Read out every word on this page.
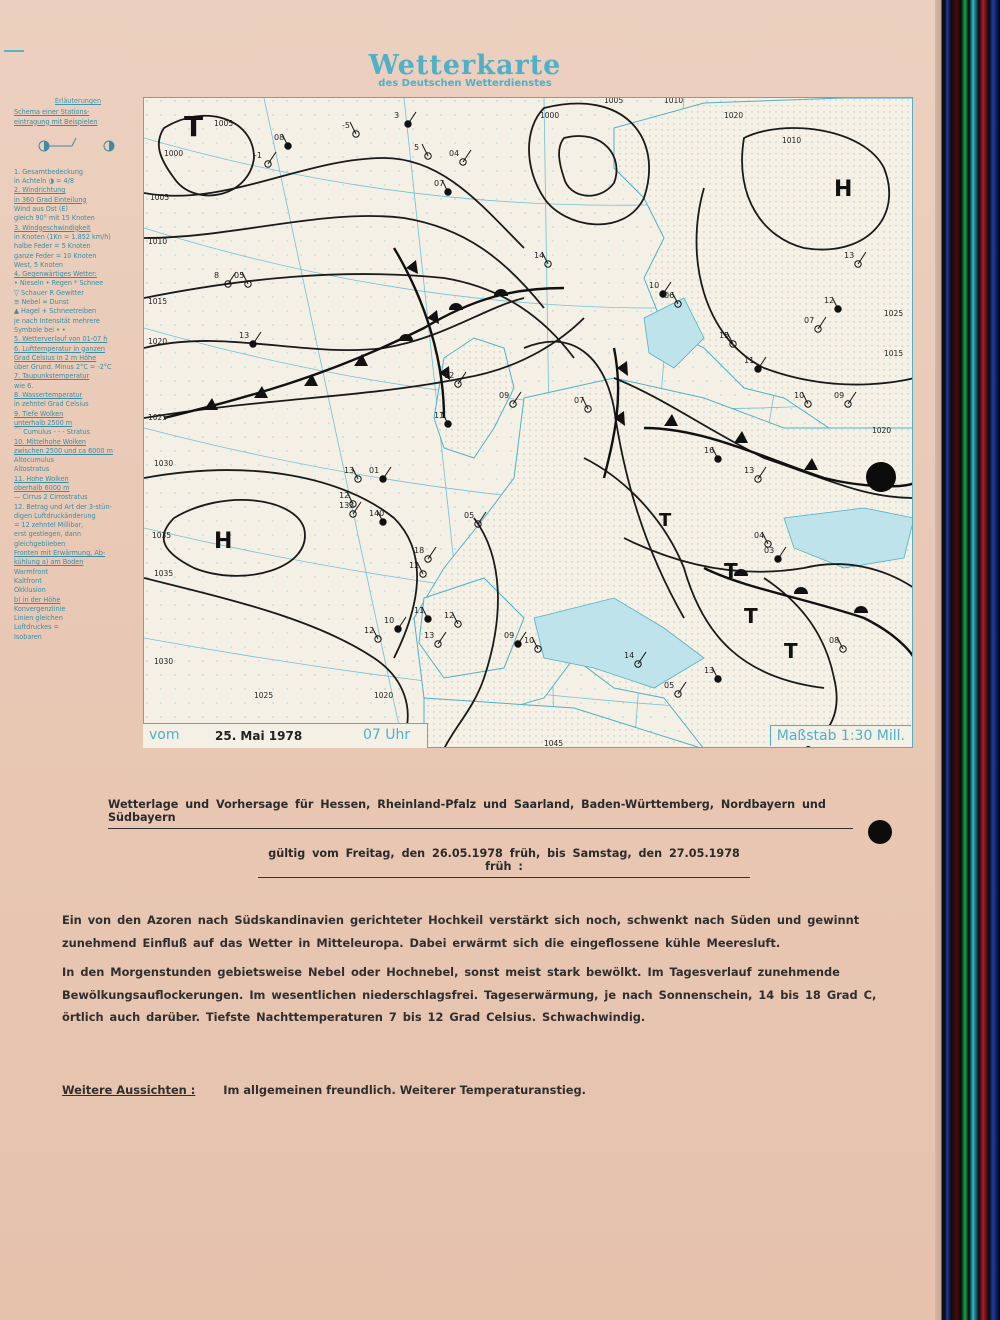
Wetterkarte
des Deutschen Wetterdienstes
Erläuterungen
Schema einer Stations-
eintragung mit Beispielen
1. Gesamtbedeckung
in Achteln ◑ = 4/8
2. Windrichtung
in 360 Grad Einteilung
Wind aus Ost (E)
gleich 90° mit 15 Knoten
3. Windgeschwindigkeit
in Knoten (1Kn = 1.852 km/h)
halbe Feder = 5 Knoten
ganze Feder = 10 Knoten
West, 5 Knoten
4. Gegenwärtiges Wetter:
• Nieseln • Regen * Schnee
▽ Schauer R Gewitter
≡ Nebel ∞ Dunst
▲ Hagel + Schneetreiben
je nach Intensität mehrere
Symbole bei • •
5. Wetterverlauf von 01-07 h
6. Lufttemperatur in ganzen
Grad Celsius in 2 m Höhe
über Grund. Minus 2°C = -2°C
7. Taupunkstemperatur
wie 6.
8. Wassertemperatur
in zehntel Grad Celsius
9. Tiefe Wolken
unterhalb 2500 m
⌒ Cumulus - - - Stratus
10. Mittelhohe Wolken
zwischen 2500 und ca 6000 m
Altocumulus
Altostratus
11. Hohe Wolken
oberhalb 6000 m
— Cirrus 2 Cirrostratus
12. Betrag und Art der 3-stün-
digen Luftdruckänderung
= 12 zehntel Millibar,
erst gestiegen, dann
gleichgeblieben
Fronten mit Erwärmung, Ab-
kühlung a) am Boden
Warmfront
Kaltfront
Okklusion
b) in der Höhe
Konvergenzlinie
Linien gleichen
Luftdruckes =
Isobaren
1005
1000
1005
1010
1015
1020
1025
1030
1035
1035
1030
1025	1020
1025
1015
1020
1045
1010
1005
1000
1010
1020
08
-1
-5
3
5
04
07
8 05
13
14
12
11
09
07
10
06
13
12
07
15
11
10	09
16
13
13 01
12
133
140
18
12
10
12
05
11
13
12
09
10
14
13
05
04
03
08
T
H
H
T
T
T
T
vom	25. Mai 1978	07 Uhr	Maßstab 1:30 Mill.
Wetterlage und Vorhersage für Hessen, Rheinland-Pfalz und Saarland, Baden-Württemberg, Nordbayern und Südbayern
gültig vom Freitag, den 26.05.1978 früh, bis Samstag, den 27.05.1978 früh :
Ein von den Azoren nach Südskandinavien gerichteter Hochkeil verstärkt sich noch, schwenkt nach Süden und gewinnt zunehmend Einfluß auf das Wetter in Mitteleuropa. Dabei erwärmt sich die eingeflossene kühle Meeresluft.
In den Morgenstunden gebietsweise Nebel oder Hochnebel, sonst meist stark bewölkt. Im Tagesverlauf zunehmende Bewölkungsauflockerungen. Im wesentlichen niederschlagsfrei. Tageserwärmung, je nach Sonnenschein, 14 bis 18 Grad C, örtlich auch darüber. Tiefste Nachttemperaturen 7 bis 12 Grad Celsius. Schwachwindig.
Weitere Aussichten : Im allgemeinen freundlich. Weiterer Temperaturanstieg.
